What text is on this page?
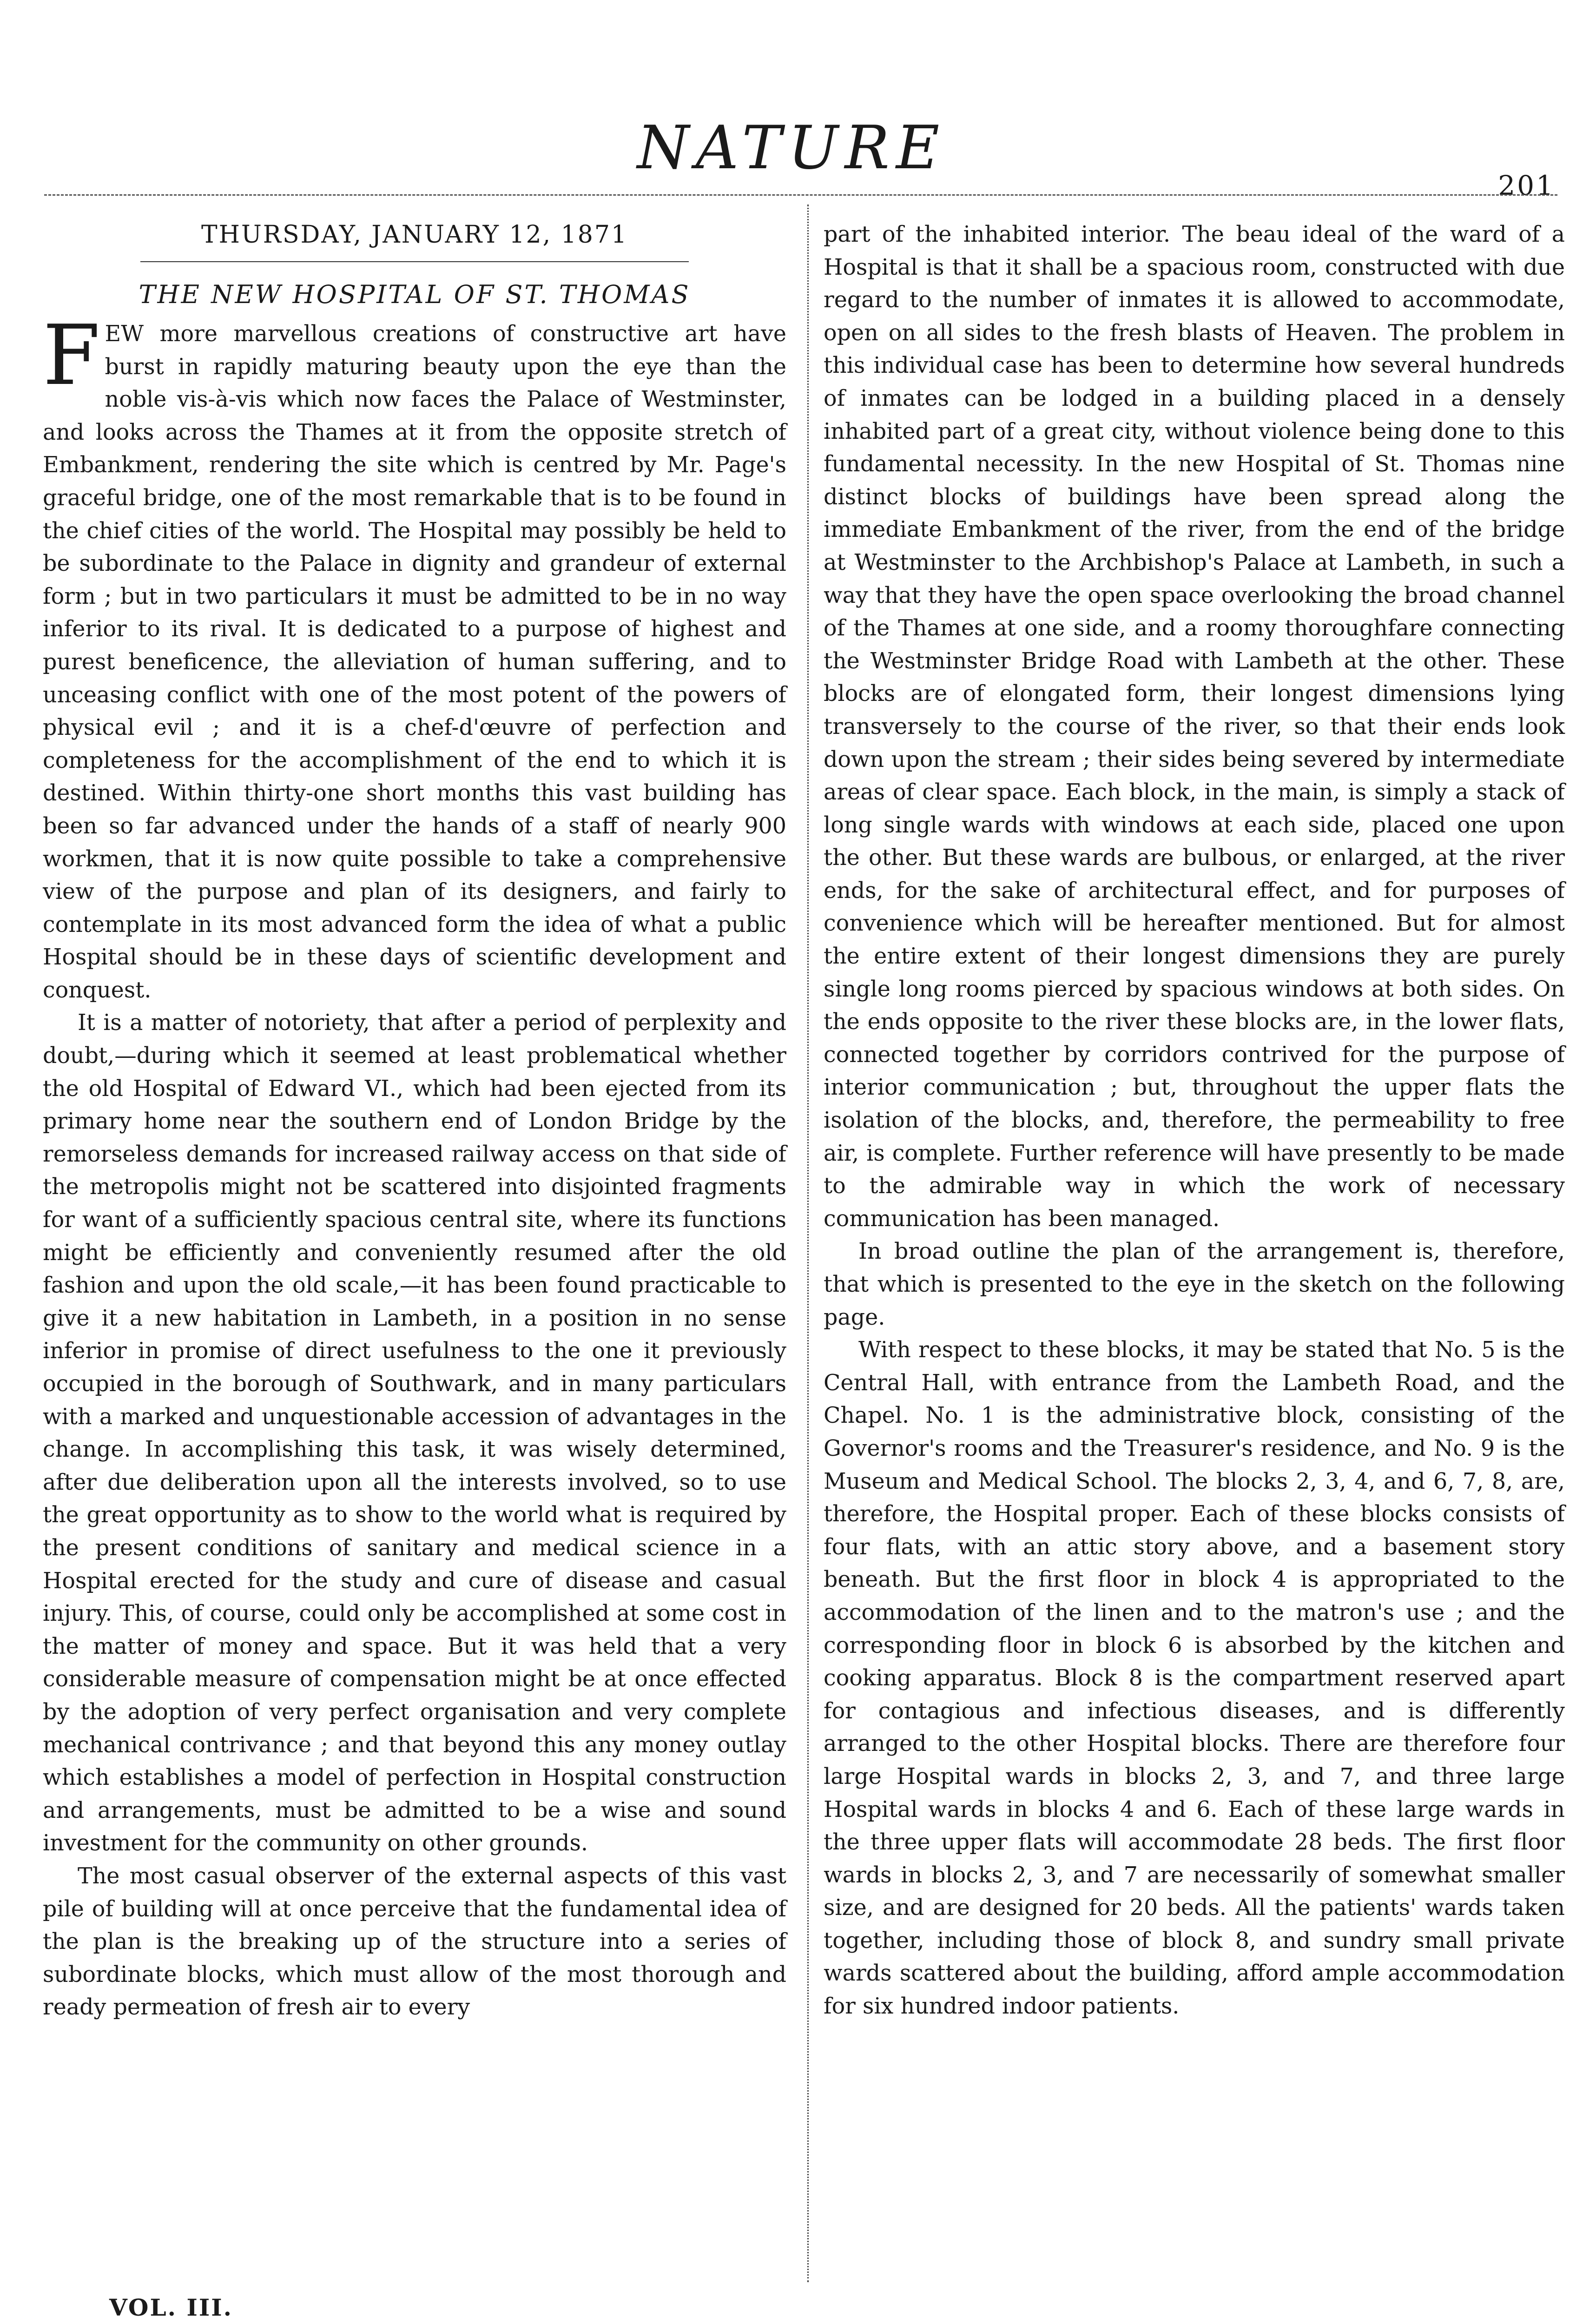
NATURE
201
THURSDAY, JANUARY 12, 1871
THE NEW HOSPITAL OF ST. THOMAS

FEW more marvellous creations of constructive art have burst in rapidly maturing beauty upon the eye than the noble vis-à-vis which now faces the Palace of Westminster, and looks across the Thames at it from the opposite stretch of Embankment, rendering the site which is centred by Mr. Page's graceful bridge, one of the most remarkable that is to be found in the chief cities of the world. The Hospital may possibly be held to be subordinate to the Palace in dignity and grandeur of external form ; but in two particulars it must be admitted to be in no way inferior to its rival. It is dedicated to a purpose of highest and purest beneficence, the alleviation of human suffering, and to unceasing conflict with one of the most potent of the powers of physical evil ; and it is a chef-d'œuvre of perfection and completeness for the accomplishment of the end to which it is destined. Within thirty-one short months this vast building has been so far advanced under the hands of a staff of nearly 900 workmen, that it is now quite possible to take a comprehensive view of the purpose and plan of its designers, and fairly to contemplate in its most advanced form the idea of what a public Hospital should be in these days of scientific development and conquest.

It is a matter of notoriety, that after a period of perplexity and doubt,—during which it seemed at least problematical whether the old Hospital of Edward VI., which had been ejected from its primary home near the southern end of London Bridge by the remorseless demands for increased railway access on that side of the metropolis might not be scattered into disjointed fragments for want of a sufficiently spacious central site, where its functions might be efficiently and conveniently resumed after the old fashion and upon the old scale,—it has been found practicable to give it a new habitation in Lambeth, in a position in no sense inferior in promise of direct usefulness to the one it previously occupied in the borough of Southwark, and in many particulars with a marked and unquestionable accession of advantages in the change. In accomplishing this task, it was wisely determined, after due deliberation upon all the interests involved, so to use the great opportunity as to show to the world what is required by the present conditions of sanitary and medical science in a Hospital erected for the study and cure of disease and casual injury. This, of course, could only be accomplished at some cost in the matter of money and space. But it was held that a very considerable measure of compensation might be at once effected by the adoption of very perfect organisation and very complete mechanical contrivance ; and that beyond this any money outlay which establishes a model of perfection in Hospital construction and arrangements, must be admitted to be a wise and sound investment for the community on other grounds.

The most casual observer of the external aspects of this vast pile of building will at once perceive that the fundamental idea of the plan is the breaking up of the structure into a series of subordinate blocks, which must allow of the most thorough and ready permeation of fresh air to every

part of the inhabited interior. The beau ideal of the ward of a Hospital is that it shall be a spacious room, constructed with due regard to the number of inmates it is allowed to accommodate, open on all sides to the fresh blasts of Heaven. The problem in this individual case has been to determine how several hundreds of inmates can be lodged in a building placed in a densely inhabited part of a great city, without violence being done to this fundamental necessity. In the new Hospital of St. Thomas nine distinct blocks of buildings have been spread along the immediate Embankment of the river, from the end of the bridge at Westminster to the Archbishop's Palace at Lambeth, in such a way that they have the open space overlooking the broad channel of the Thames at one side, and a roomy thoroughfare connecting the Westminster Bridge Road with Lambeth at the other. These blocks are of elongated form, their longest dimensions lying transversely to the course of the river, so that their ends look down upon the stream ; their sides being severed by intermediate areas of clear space. Each block, in the main, is simply a stack of long single wards with windows at each side, placed one upon the other. But these wards are bulbous, or enlarged, at the river ends, for the sake of architectural effect, and for purposes of convenience which will be hereafter mentioned. But for almost the entire extent of their longest dimensions they are purely single long rooms pierced by spacious windows at both sides. On the ends opposite to the river these blocks are, in the lower flats, connected together by corridors contrived for the purpose of interior communication ; but, throughout the upper flats the isolation of the blocks, and, therefore, the permeability to free air, is complete. Further reference will have presently to be made to the admirable way in which the work of necessary communication has been managed.

In broad outline the plan of the arrangement is, therefore, that which is presented to the eye in the sketch on the following page.

With respect to these blocks, it may be stated that No. 5 is the Central Hall, with entrance from the Lambeth Road, and the Chapel. No. 1 is the administrative block, consisting of the Governor's rooms and the Treasurer's residence, and No. 9 is the Museum and Medical School. The blocks 2, 3, 4, and 6, 7, 8, are, therefore, the Hospital proper. Each of these blocks consists of four flats, with an attic story above, and a basement story beneath. But the first floor in block 4 is appropriated to the accommodation of the linen and to the matron's use ; and the corresponding floor in block 6 is absorbed by the kitchen and cooking apparatus. Block 8 is the compartment reserved apart for contagious and infectious diseases, and is differently arranged to the other Hospital blocks. There are therefore four large Hospital wards in blocks 2, 3, and 7, and three large Hospital wards in blocks 4 and 6. Each of these large wards in the three upper flats will accommodate 28 beds. The first floor wards in blocks 2, 3, and 7 are necessarily of somewhat smaller size, and are designed for 20 beds. All the patients' wards taken together, including those of block 8, and sundry small private wards scattered about the building, afford ample accommodation for six hundred indoor patients.

VOL. III.
